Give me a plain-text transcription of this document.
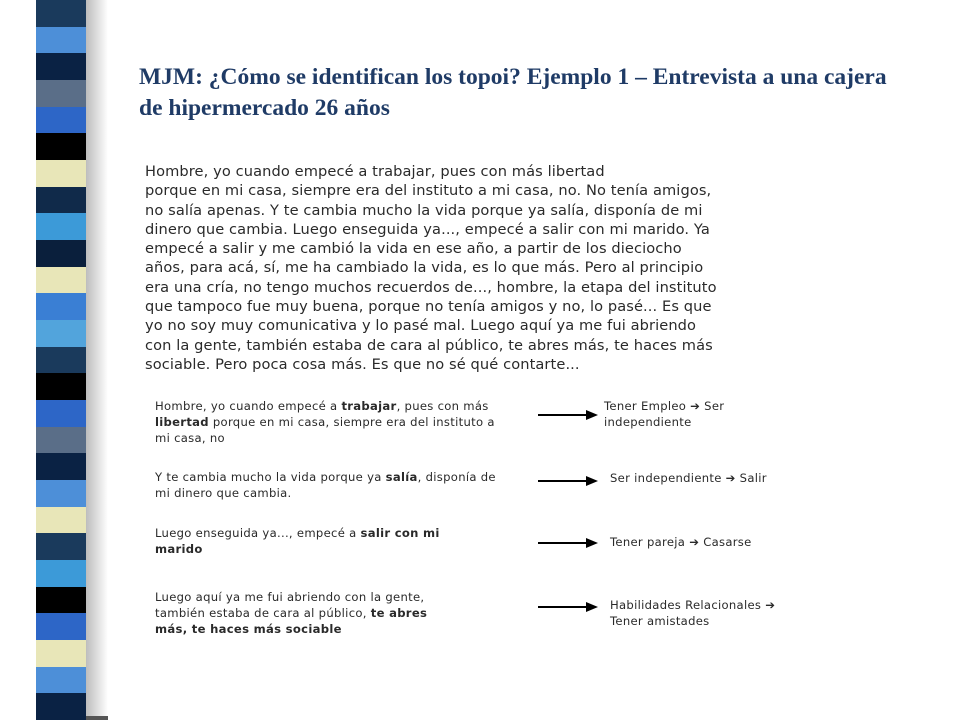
MJM: ¿Cómo se identifican los topoi? Ejemplo 1 – Entrevista a una cajera de hipermercado 26 años

Hombre, yo cuando empecé a trabajar, pues con más libertad
porque en mi casa, siempre era del instituto a mi casa, no. No tenía amigos,
no salía apenas. Y te cambia mucho la vida porque ya salía, disponía de mi
dinero que cambia. Luego enseguida ya..., empecé a salir con mi marido. Ya
empecé a salir y me cambió la vida en ese año, a partir de los dieciocho
años, para acá, sí, me ha cambiado la vida, es lo que más. Pero al principio
era una cría, no tengo muchos recuerdos de..., hombre, la etapa del instituto
que tampoco fue muy buena, porque no tenía amigos y no, lo pasé... Es que
yo no soy muy comunicativa y lo pasé mal. Luego aquí ya me fui abriendo
con la gente, también estaba de cara al público, te abres más, te haces más
sociable. Pero poca cosa más. Es que no sé qué contarte...

Hombre, yo cuando empecé a trabajar, pues con más libertad porque en mi casa, siempre era del instituto a mi casa, no

Tener Empleo ➔ Ser independiente

Y te cambia mucho la vida porque ya salía, disponía de mi dinero que cambia.

Ser independiente ➔ Salir

Luego enseguida ya..., empecé a salir con mi marido	Tener pareja ➔ Casarse

Luego aquí ya me fui abriendo con la gente, también estaba de cara al público, te abres más, te haces más sociable

Habilidades Relacionales ➔ Tener amistades
